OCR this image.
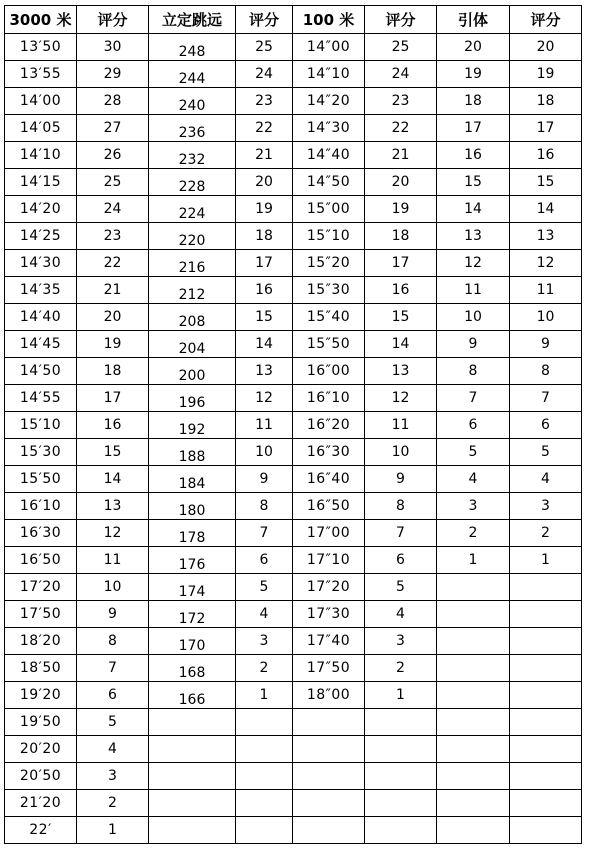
3000 米	评分	立定跳远	评分	100 米	评分	引体	评分
13′50	30	248	25	14″00	25	20	20
13′55	29	244	24	14″10	24	19	19
14′00	28	240	23	14″20	23	18	18
14′05	27	236	22	14″30	22	17	17
14′10	26	232	21	14″40	21	16	16
14′15	25	228	20	14″50	20	15	15
14′20	24	224	19	15″00	19	14	14
14′25	23	220	18	15″10	18	13	13
14′30	22	216	17	15″20	17	12	12
14′35	21	212	16	15″30	16	11	11
14′40	20	208	15	15″40	15	10	10
14′45	19	204	14	15″50	14	9	9
14′50	18	200	13	16″00	13	8	8
14′55	17	196	12	16″10	12	7	7
15′10	16	192	11	16″20	11	6	6
15′30	15	188	10	16″30	10	5	5
15′50	14	184	9	16″40	9	4	4
16′10	13	180	8	16″50	8	3	3
16′30	12	178	7	17″00	7	2	2
16′50	11	176	6	17″10	6	1	1
17′20	10	174	5	17″20	5		
17′50	9	172	4	17″30	4		
18′20	8	170	3	17″40	3		
18′50	7	168	2	17″50	2		
19′20	6	166	1	18″00	1		
19′50	5						
20′20	4						
20′50	3						
21′20	2						
22′	1						
